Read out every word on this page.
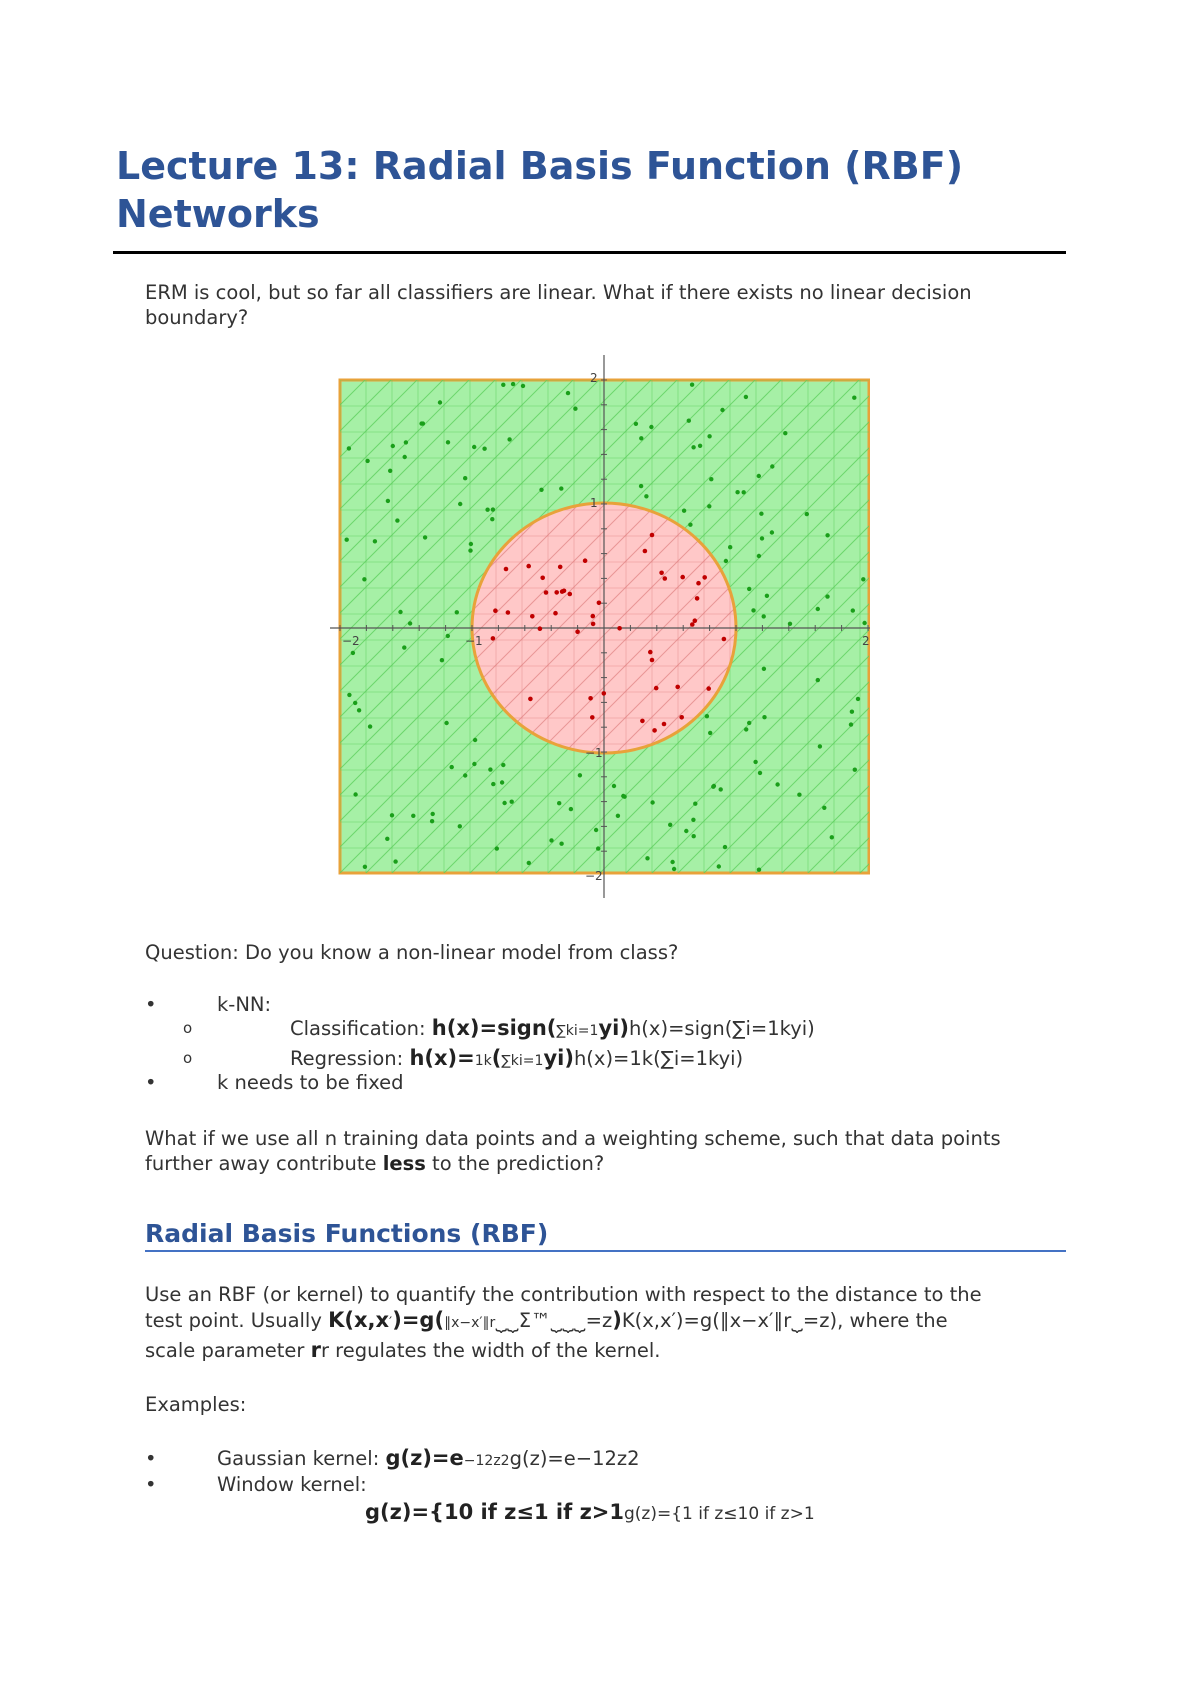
Lecture 13: Radial Basis Function (RBF) Networks

ERM is cool, but so far all classifiers are linear. What if there exists no linear decision boundary?

−2	−1	2
2
1
−1
−2

Question: Do you know a non-linear model from class?

•	k-NN:
o	Classification: h(x)=sign(∑ki=1yi)h(x)=sign(∑i=1kyi)
o	Regression: h(x)=1k(∑ki=1yi)h(x)=1k(∑i=1kyi)
•	k needs to be fixed

What if we use all n training data points and a weighting scheme, such that data points further away contribute less to the prediction?

Radial Basis Functions (RBF)

Use an RBF (or kernel) to quantify the contribution with respect to the distance to the

test point. Usually K(x,x′)=g(∥x−x′∥r⏟⏟Σ™⏟⏟⏟=z)K(x,x′)=g(∥x−x′∥r⏟=z), where the

scale parameter rr regulates the width of the kernel.

Examples:

•	Gaussian kernel: g(z)=e−12z2g(z)=e−12z2
•	Window kernel:
g(z)={10 if z≤1 if z>1g(z)={1 if z≤10 if z>1
